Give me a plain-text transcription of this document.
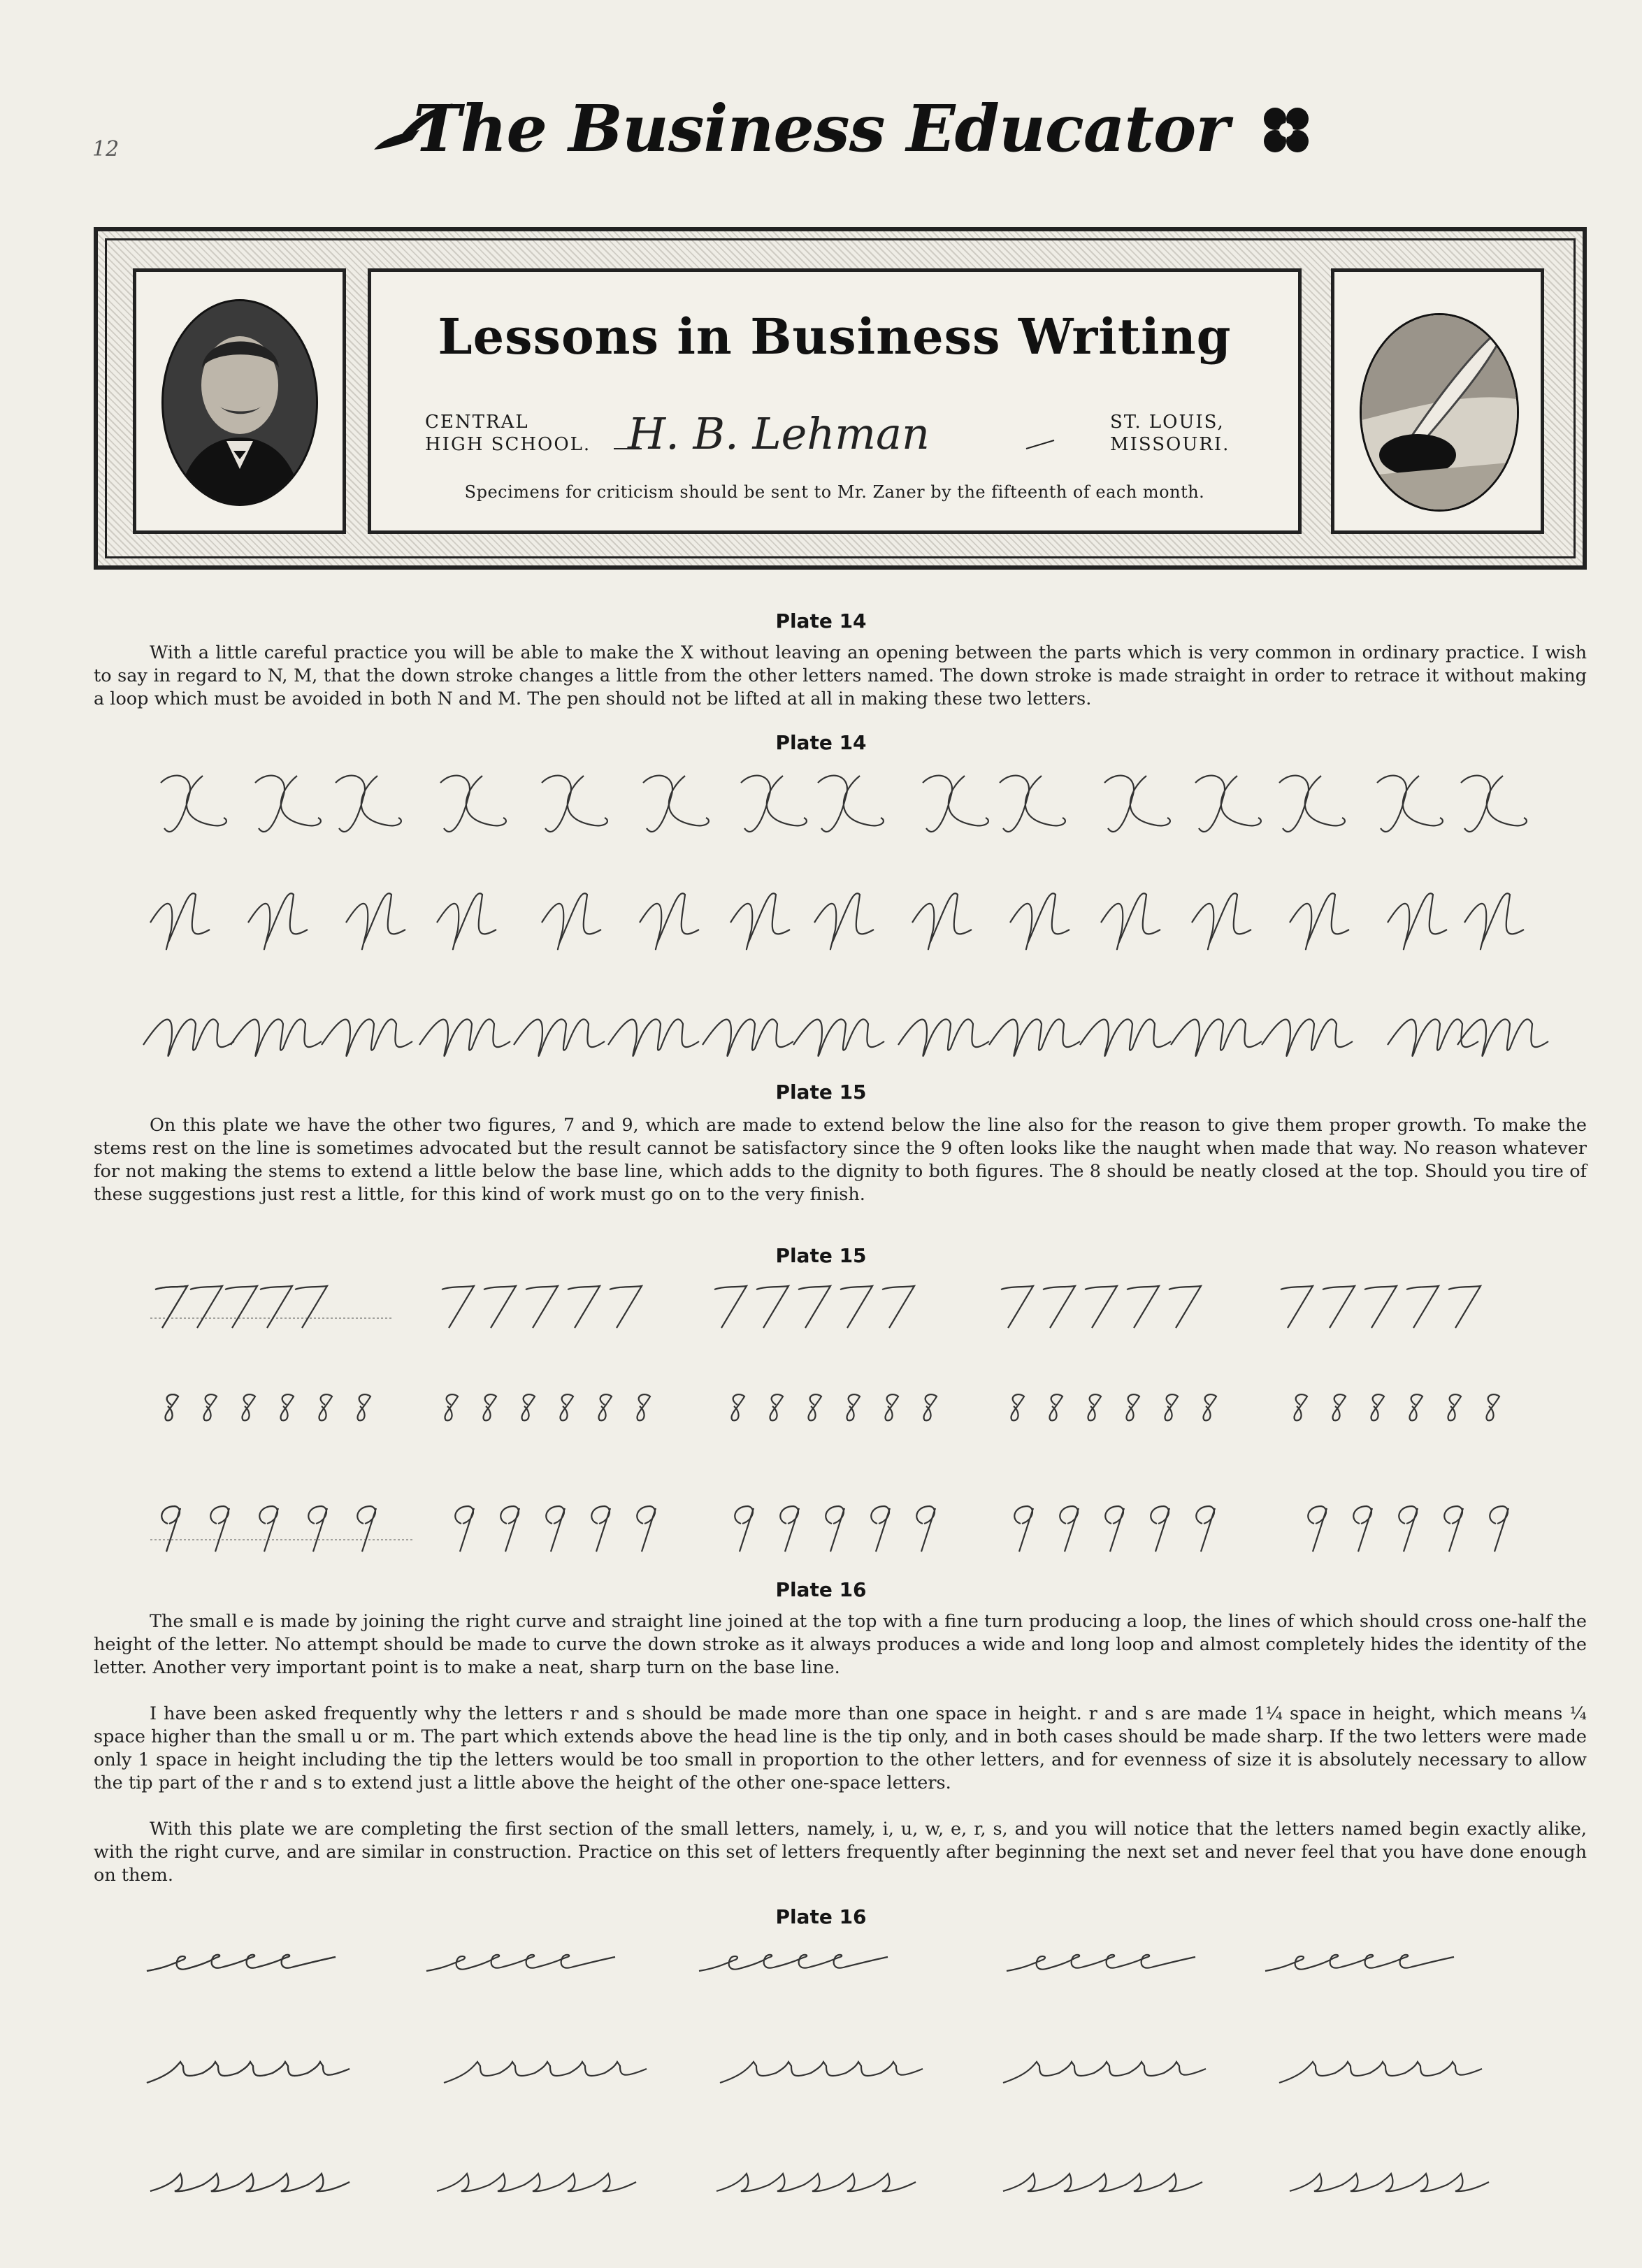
12	The Business Educator
Lessons in Business Writing
CENTRAL
HIGH SCHOOL. H. B. Lehman	ST. LOUIS,
MISSOURI.
Specimens for criticism should be sent to Mr. Zaner by the fifteenth of each month.
Plate 14
With a little careful practice you will be able to make the X without leaving an opening between the parts which is very common in ordinary practice. I wish to say in regard to N, M, that the down stroke changes a little from the other letters named. The down stroke is made straight in order to retrace it without making a loop which must be avoided in both N and M. The pen should not be lifted at all in making these two letters.
Plate 14
Plate 15
On this plate we have the other two figures, 7 and 9, which are made to extend below the line also for the reason to give them proper growth. To make the stems rest on the line is sometimes advocated but the result cannot be satisfactory since the 9 often looks like the naught when made that way. No reason whatever for not making the stems to extend a little below the base line, which adds to the dignity to both figures. The 8 should be neatly closed at the top. Should you tire of these suggestions just rest a little, for this kind of work must go on to the very finish.
Plate 15
Plate 16
The small e is made by joining the right curve and straight line joined at the top with a fine turn producing a loop, the lines of which should cross one-half the height of the letter. No attempt should be made to curve the down stroke as it always produces a wide and long loop and almost completely hides the identity of the letter. Another very important point is to make a neat, sharp turn on the base line.
I have been asked frequently why the letters r and s should be made more than one space in height. r and s are made 1¼ space in height, which means ¼ space higher than the small u or m. The part which extends above the head line is the tip only, and in both cases should be made sharp. If the two letters were made only 1 space in height including the tip the letters would be too small in proportion to the other letters, and for evenness of size it is absolutely necessary to allow the tip part of the r and s to extend just a little above the height of the other one-space letters.
With this plate we are completing the first section of the small letters, namely, i, u, w, e, r, s, and you will notice that the letters named begin exactly alike, with the right curve, and are similar in construction. Practice on this set of letters frequently after beginning the next set and never feel that you have done enough on them.
Plate 16
